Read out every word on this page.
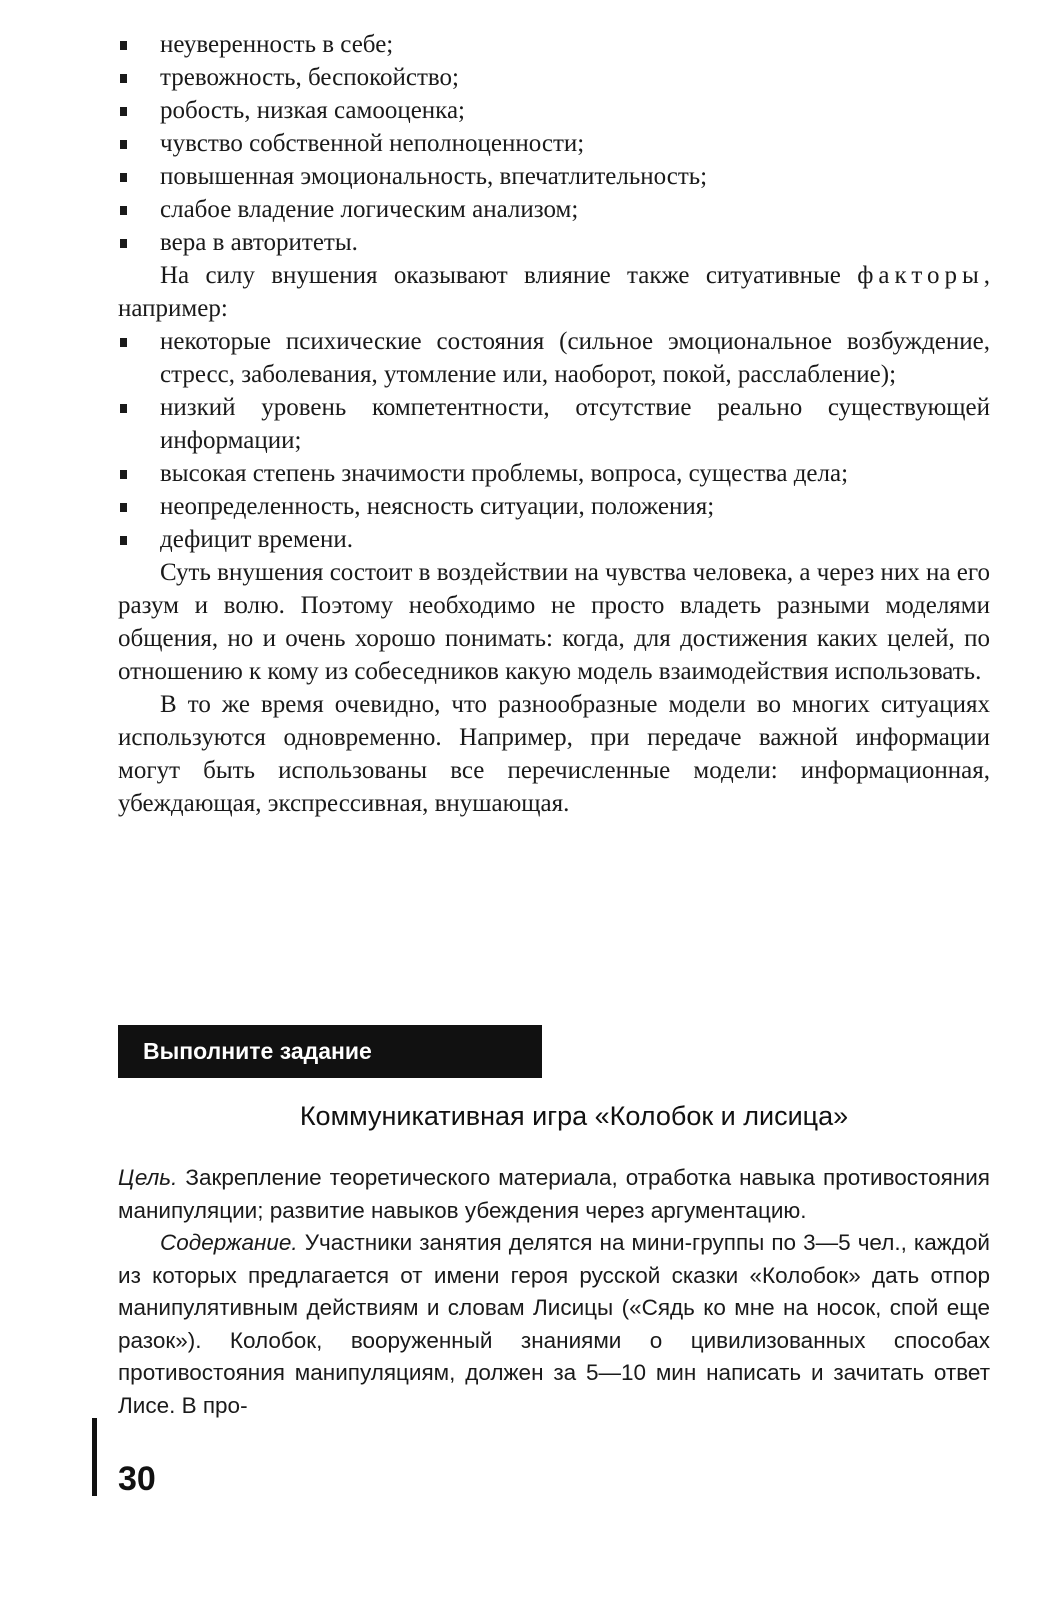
неуверенность в себе;
тревожность, беспокойство;
робость, низкая самооценка;
чувство собственной неполноценности;
повышенная эмоциональность, впечатлительность;
слабое владение логическим анализом;
вера в авторитеты.

На силу внушения оказывают влияние также ситуативные факторы, например:

некоторые психические состояния (сильное эмоциональное возбуждение, стресс, заболевания, утомление или, наоборот, покой, расслабление);
низкий уровень компетентности, отсутствие реально существующей информации;
высокая степень значимости проблемы, вопроса, существа дела;
неопределенность, неясность ситуации, положения;
дефицит времени.

Суть внушения состоит в воздействии на чувства человека, а через них на его разум и волю. Поэтому необходимо не просто владеть разными моделями общения, но и очень хорошо понимать: когда, для достижения каких целей, по отношению к кому из собеседников какую модель взаимодействия использовать.

В то же время очевидно, что разнообразные модели во многих ситуациях используются одновременно. Например, при передаче важной информации могут быть использованы все перечисленные модели: информационная, убеждающая, экспрессивная, внушающая.

Выполните задание
Коммуникативная игра «Колобок и лисица»

Цель. Закрепление теоретического материала, отработка навыка противостояния манипуляции; развитие навыков убеждения через аргументацию.

Содержание. Участники занятия делятся на мини-группы по 3—5 чел., каждой из которых предлагается от имени героя русской сказки «Колобок» дать отпор манипулятивным действиям и словам Лисицы («Сядь ко мне на носок, спой еще разок»). Колобок, вооруженный знаниями о цивилизованных способах противостояния манипуляциям, должен за 5—10 мин написать и зачитать ответ Лисе. В про-

30
